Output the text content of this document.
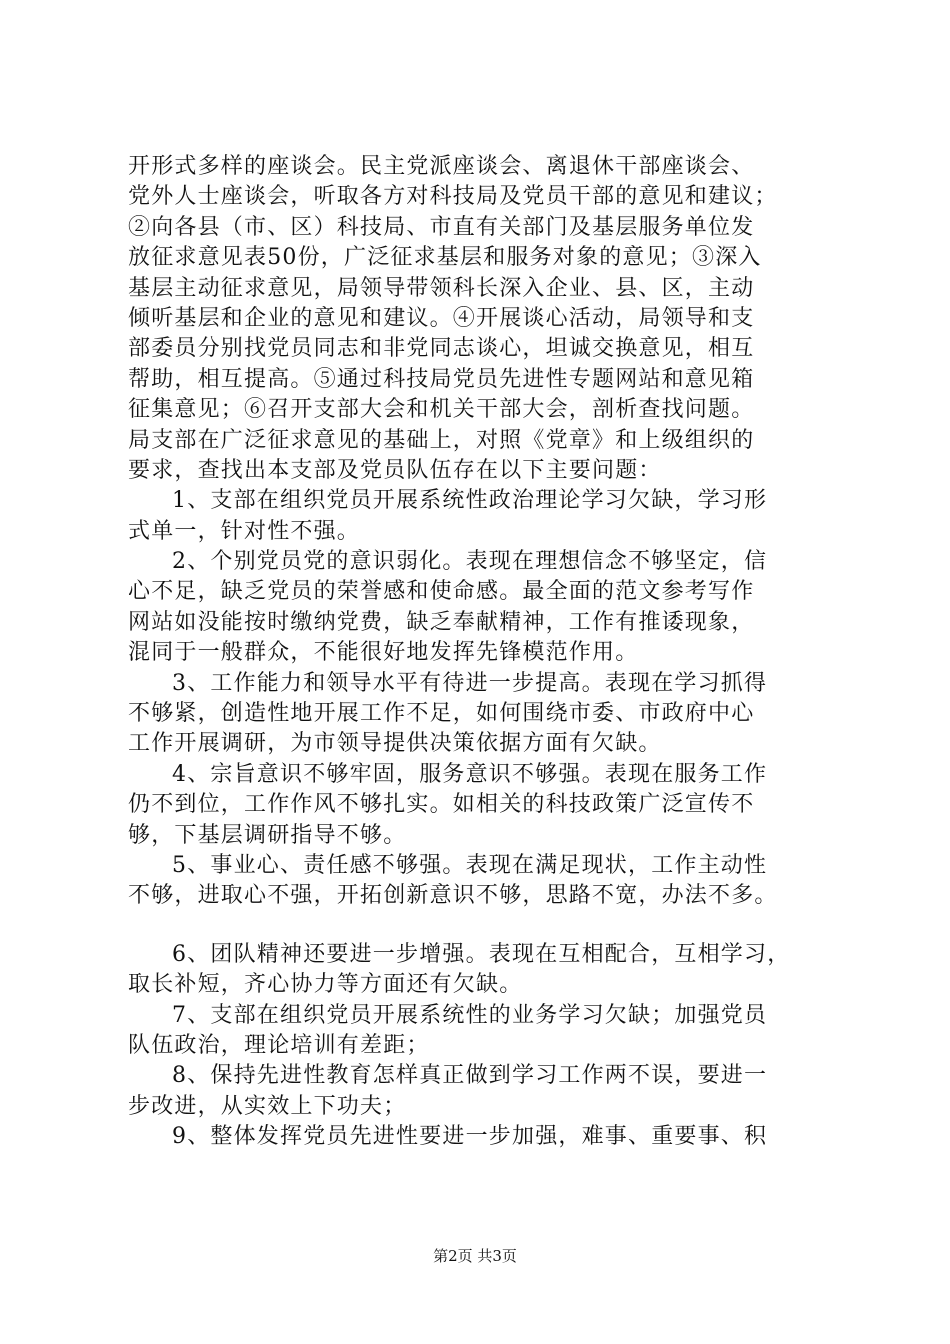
开形式多样的座谈会。民主党派座谈会、离退休干部座谈会、
党外人士座谈会，听取各方对科技局及党员干部的意见和建议；
②向各县（市、区）科技局、市直有关部门及基层服务单位发
放征求意见表50份，广泛征求基层和服务对象的意见；③深入
基层主动征求意见，局领导带领科长深入企业、县、区，主动
倾听基层和企业的意见和建议。④开展谈心活动，局领导和支
部委员分别找党员同志和非党同志谈心，坦诚交换意见，相互
帮助，相互提高。⑤通过科技局党员先进性专题网站和意见箱
征集意见；⑥召开支部大会和机关干部大会，剖析查找问题。
局支部在广泛征求意见的基础上，对照《党章》和上级组织的
要求，查找出本支部及党员队伍存在以下主要问题：
1、支部在组织党员开展系统性政治理论学习欠缺，学习形
式单一，针对性不强。
2、个别党员党的意识弱化。表现在理想信念不够坚定，信
心不足，缺乏党员的荣誉感和使命感。最全面的范文参考写作
网站如没能按时缴纳党费，缺乏奉献精神，工作有推诿现象，
混同于一般群众，不能很好地发挥先锋模范作用。
3、工作能力和领导水平有待进一步提高。表现在学习抓得
不够紧，创造性地开展工作不足，如何围绕市委、市政府中心
工作开展调研，为市领导提供决策依据方面有欠缺。
4、宗旨意识不够牢固，服务意识不够强。表现在服务工作
仍不到位，工作作风不够扎实。如相关的科技政策广泛宣传不
够，下基层调研指导不够。
5、事业心、责任感不够强。表现在满足现状，工作主动性
不够，进取心不强，开拓创新意识不够，思路不宽，办法不多。
6、团队精神还要进一步增强。表现在互相配合，互相学习，
取长补短，齐心协力等方面还有欠缺。
7、支部在组织党员开展系统性的业务学习欠缺；加强党员
队伍政治，理论培训有差距；
8、保持先进性教育怎样真正做到学习工作两不误，要进一
步改进，从实效上下功夫；
9、整体发挥党员先进性要进一步加强，难事、重要事、积
第2页 共3页
